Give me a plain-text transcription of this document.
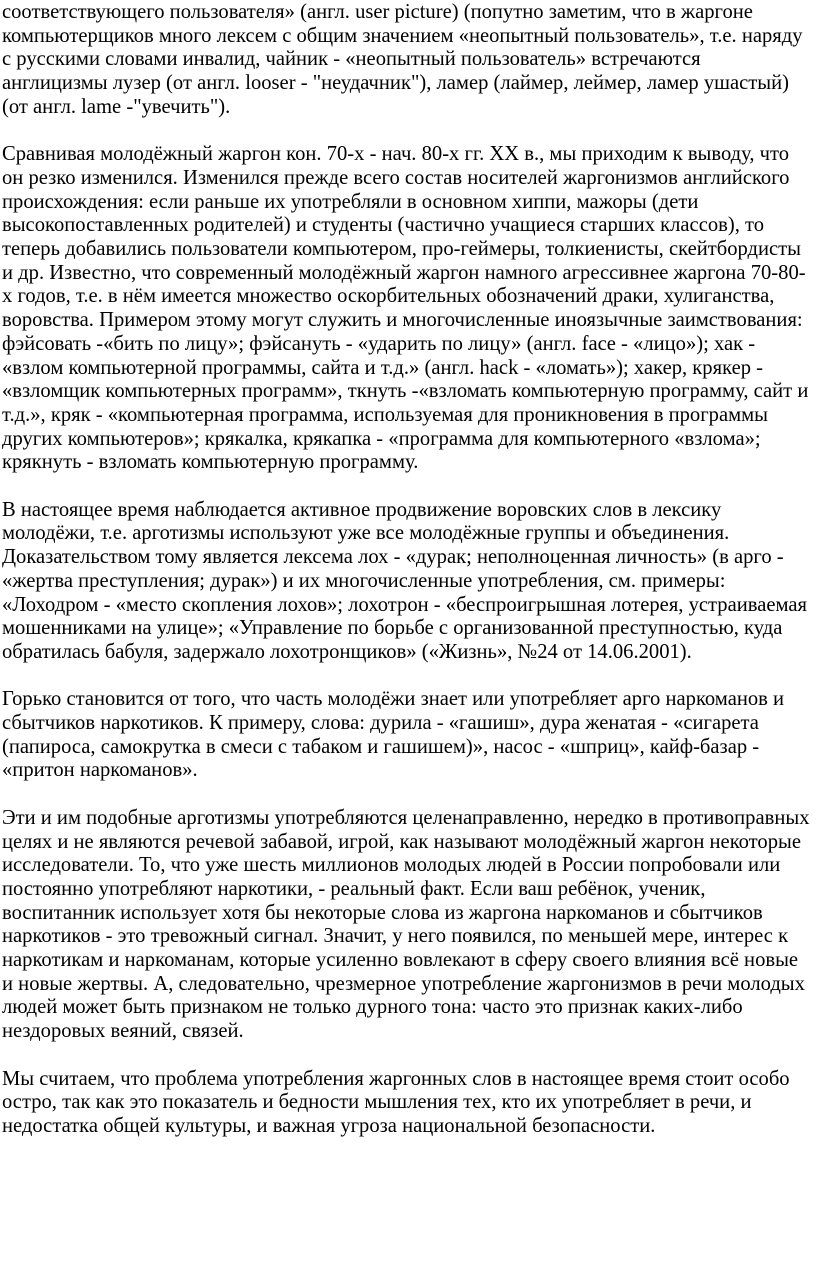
соответствующего пользователя» (англ. user picture) (попутно заметим, что в жаргоне компьютерщиков много лексем с общим значением «неопытный пользователь», т.е. наряду с русскими словами инвалид, чайник - «неопытный пользователь» встречаются англицизмы лузер (от англ. looser - "неудачник"), ламер (лаймер, леймер, ламер ушастый) (от англ. lame -"увечить").

Сравнивая молодёжный жаргон кон. 70-х - нач. 80-х гг. XX в., мы приходим к выводу, что он резко изменился. Изменился прежде всего состав носителей жаргонизмов английского происхождения: если раньше их употребляли в основном хиппи, мажоры (дети высокопоставленных родителей) и студенты (частично учащиеся старших классов), то теперь добавились пользователи компьютером, про-геймеры, толкиенисты, скейтбордисты и др. Известно, что современный молодёжный жаргон намного агрессивнее жаргона 70-80-х годов, т.е. в нём имеется множество оскорбительных обозначений драки, хулиганства, воровства. Примером этому могут служить и многочисленные иноязычные заимствования: фэйсовать -«бить по лицу»; фэйсануть - «ударить по лицу» (англ. face - «лицо»); хак - «взлом компьютерной программы, сайта и т.д.» (англ. hack - «ломать»); хакер, крякер - «взломщик компьютерных программ», ткнуть -«взломать компьютерную программу, сайт и т.д.», кряк - «компьютерная программа, используемая для проникновения в программы других компьютеров»; крякалка, крякапка - «программа для компьютерного «взлома»; крякнуть - взломать компьютерную программу.

В настоящее время наблюдается активное продвижение воровских слов в лексику молодёжи, т.е. арготизмы используют уже все молодёжные группы и объединения. Доказательством тому является лексема лох - «дурак; неполноценная личность» (в арго - «жертва преступления; дурак») и их многочисленные употребления, см. примеры: «Лоходром - «место скопления лохов»; лохотрон - «беспроигрышная лотерея, устраиваемая мошенниками на улице»; «Управление по борьбе с организованной преступностью, куда обратилась бабуля, задержало лохотронщиков» («Жизнь», №24 от 14.06.2001).

Горько становится от того, что часть молодёжи знает или употребляет арго наркоманов и сбытчиков наркотиков. К примеру, слова: дурила - «гашиш», дура женатая - «сигарета (папироса, самокрутка в смеси с табаком и гашишем)», насос - «шприц», кайф-базар - «притон наркоманов».

Эти и им подобные арготизмы употребляются целенаправленно, нередко в противоправных целях и не являются речевой забавой, игрой, как называют молодёжный жаргон некоторые исследователи. То, что уже шесть миллионов молодых людей в России попробовали или постоянно употребляют наркотики, - реальный факт. Если ваш ребёнок, ученик, воспитанник использует хотя бы некоторые слова из жаргона наркоманов и сбытчиков наркотиков - это тревожный сигнал. Значит, у него появился, по меньшей мере, интерес к наркотикам и наркоманам, которые усиленно вовлекают в сферу своего влияния всё новые и новые жертвы. А, следовательно, чрезмерное употребление жаргонизмов в речи молодых людей может быть признаком не только дурного тона: часто это признак каких-либо нездоровых веяний, связей.

Мы считаем, что проблема употребления жаргонных слов в настоящее время стоит особо остро, так как это показатель и бедности мышления тех, кто их употребляет в речи, и недостатка общей культуры, и важная угроза национальной безопасности.
